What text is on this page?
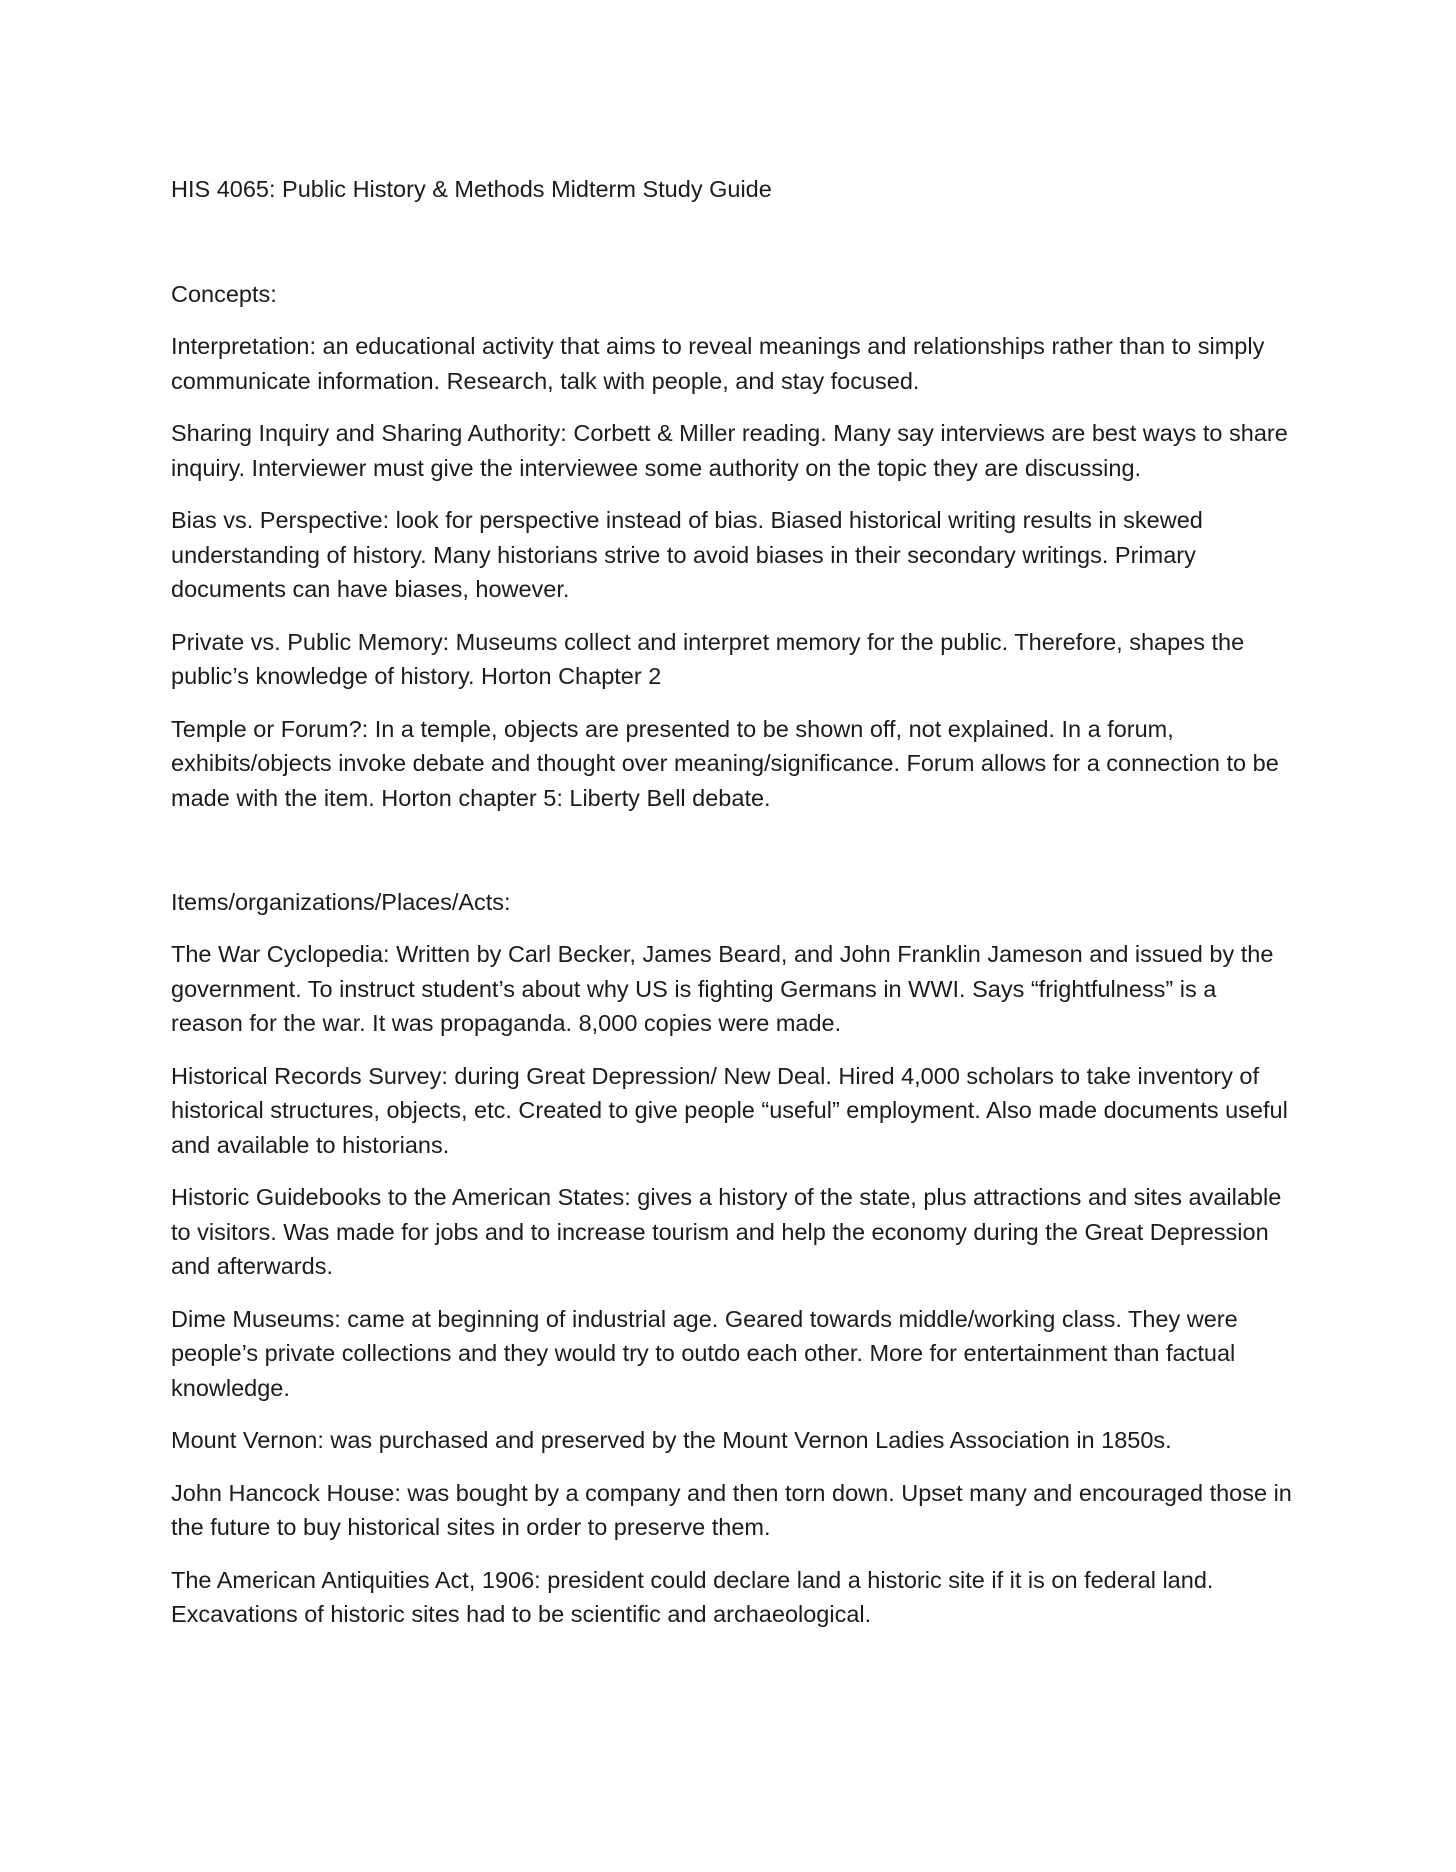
HIS 4065: Public History & Methods Midterm Study Guide

Concepts:

Interpretation: an educational activity that aims to reveal meanings and relationships rather than to simply communicate information. Research, talk with people, and stay focused.

Sharing Inquiry and Sharing Authority: Corbett & Miller reading. Many say interviews are best ways to share inquiry. Interviewer must give the interviewee some authority on the topic they are discussing.

Bias vs. Perspective: look for perspective instead of bias. Biased historical writing results in skewed understanding of history. Many historians strive to avoid biases in their secondary writings. Primary documents can have biases, however.

Private vs. Public Memory: Museums collect and interpret memory for the public. Therefore, shapes the public’s knowledge of history. Horton Chapter 2

Temple or Forum?: In a temple, objects are presented to be shown off, not explained. In a forum, exhibits/objects invoke debate and thought over meaning/significance. Forum allows for a connection to be made with the item. Horton chapter 5: Liberty Bell debate.

Items/organizations/Places/Acts:

The War Cyclopedia: Written by Carl Becker, James Beard, and John Franklin Jameson and issued by the government. To instruct student’s about why US is fighting Germans in WWI. Says “frightfulness” is a reason for the war. It was propaganda. 8,000 copies were made.

Historical Records Survey: during Great Depression/ New Deal. Hired 4,000 scholars to take inventory of historical structures, objects, etc. Created to give people “useful” employment. Also made documents useful and available to historians.

Historic Guidebooks to the American States: gives a history of the state, plus attractions and sites available to visitors. Was made for jobs and to increase tourism and help the economy during the Great Depression and afterwards.

Dime Museums: came at beginning of industrial age. Geared towards middle/working class. They were people’s private collections and they would try to outdo each other. More for entertainment than factual knowledge.

Mount Vernon: was purchased and preserved by the Mount Vernon Ladies Association in 1850s.

John Hancock House: was bought by a company and then torn down. Upset many and encouraged those in the future to buy historical sites in order to preserve them.

The American Antiquities Act, 1906: president could declare land a historic site if it is on federal land. Excavations of historic sites had to be scientific and archaeological.
